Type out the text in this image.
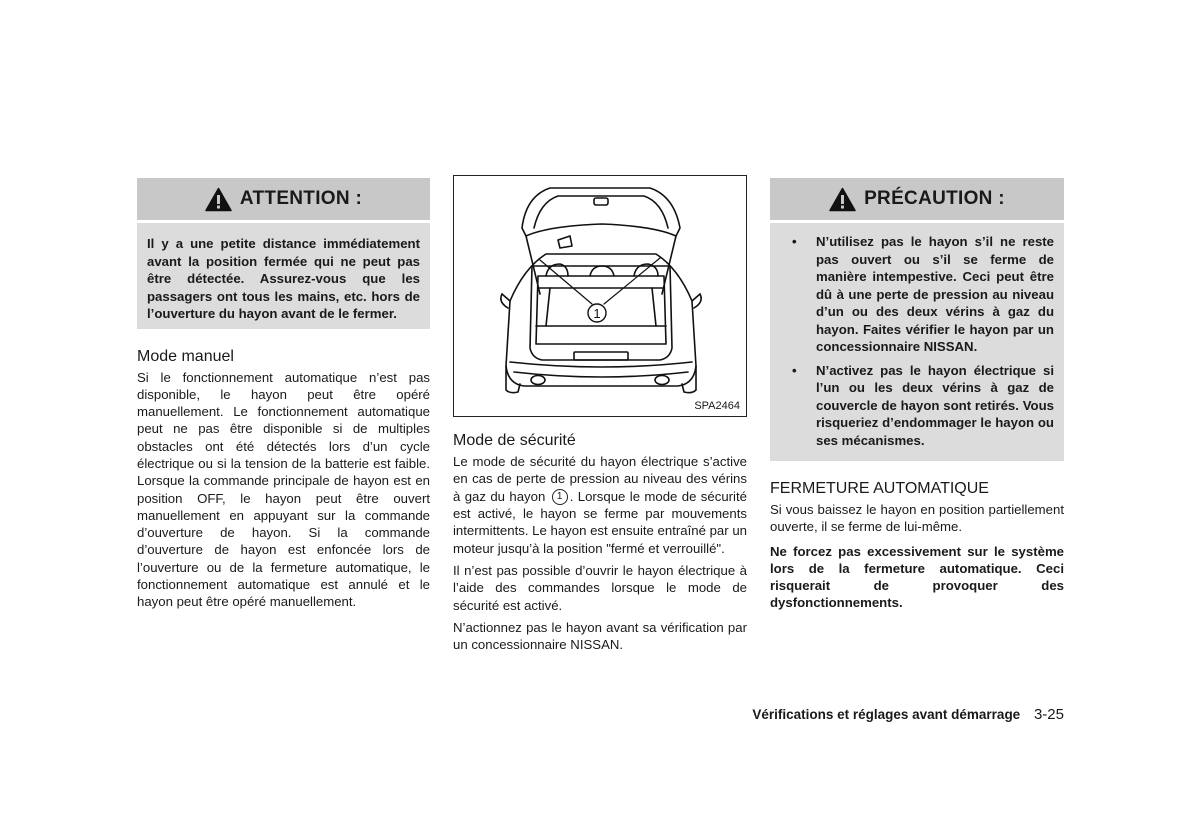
ATTENTION :

Il y a une petite distance immédiatement avant la position fermée qui ne peut pas être détectée. Assurez-vous que les passagers ont tous les mains, etc. hors de l’ouverture du hayon avant de le fermer.

Mode manuel

Si le fonctionnement automatique n’est pas disponible, le hayon peut être opéré manuellement. Le fonctionnement automatique peut ne pas être disponible si de multiples obstacles ont été détectés lors d’un cycle électrique ou si la tension de la batterie est faible. Lorsque la commande principale de hayon est en position OFF, le hayon peut être ouvert manuellement en appuyant sur la commande d’ouverture de hayon. Si la commande d’ouverture de hayon est enfoncée lors de l’ouverture ou de la fermeture automatique, le fonctionnement automatique est annulé et le hayon peut être opéré manuellement.

1
SPA2464
Mode de sécurité

Le mode de sécurité du hayon électrique s’active en cas de perte de pression au niveau des vérins à gaz du hayon 1 . Lorsque le mode de sécurité est activé, le hayon se ferme par mouvements intermittents. Le hayon est ensuite entraîné par un moteur jusqu’à la position "fermé et verrouillé".

Il n’est pas possible d’ouvrir le hayon électrique à l’aide des commandes lorsque le mode de sécurité est activé.

N’actionnez pas le hayon avant sa vérification par un concessionnaire NISSAN.

PRÉCAUTION :
• N’utilisez pas le hayon s’il ne reste pas ouvert ou s’il se ferme de manière intempestive. Ceci peut être dû à une perte de pression au niveau d’un ou des deux vérins à gaz du hayon. Faites vérifier le hayon par un concessionnaire NISSAN.
• N’activez pas le hayon électrique si l’un ou les deux vérins à gaz de couvercle de hayon sont retirés. Vous risqueriez d’endommager le hayon ou ses mécanismes.
FERMETURE AUTOMATIQUE

Si vous baissez le hayon en position partiellement ouverte, il se ferme de lui-même.

Ne forcez pas excessivement sur le système lors de la fermeture automatique. Ceci risquerait de provoquer des dysfonctionnements.

Vérifications et réglages avant démarrage 3-25
